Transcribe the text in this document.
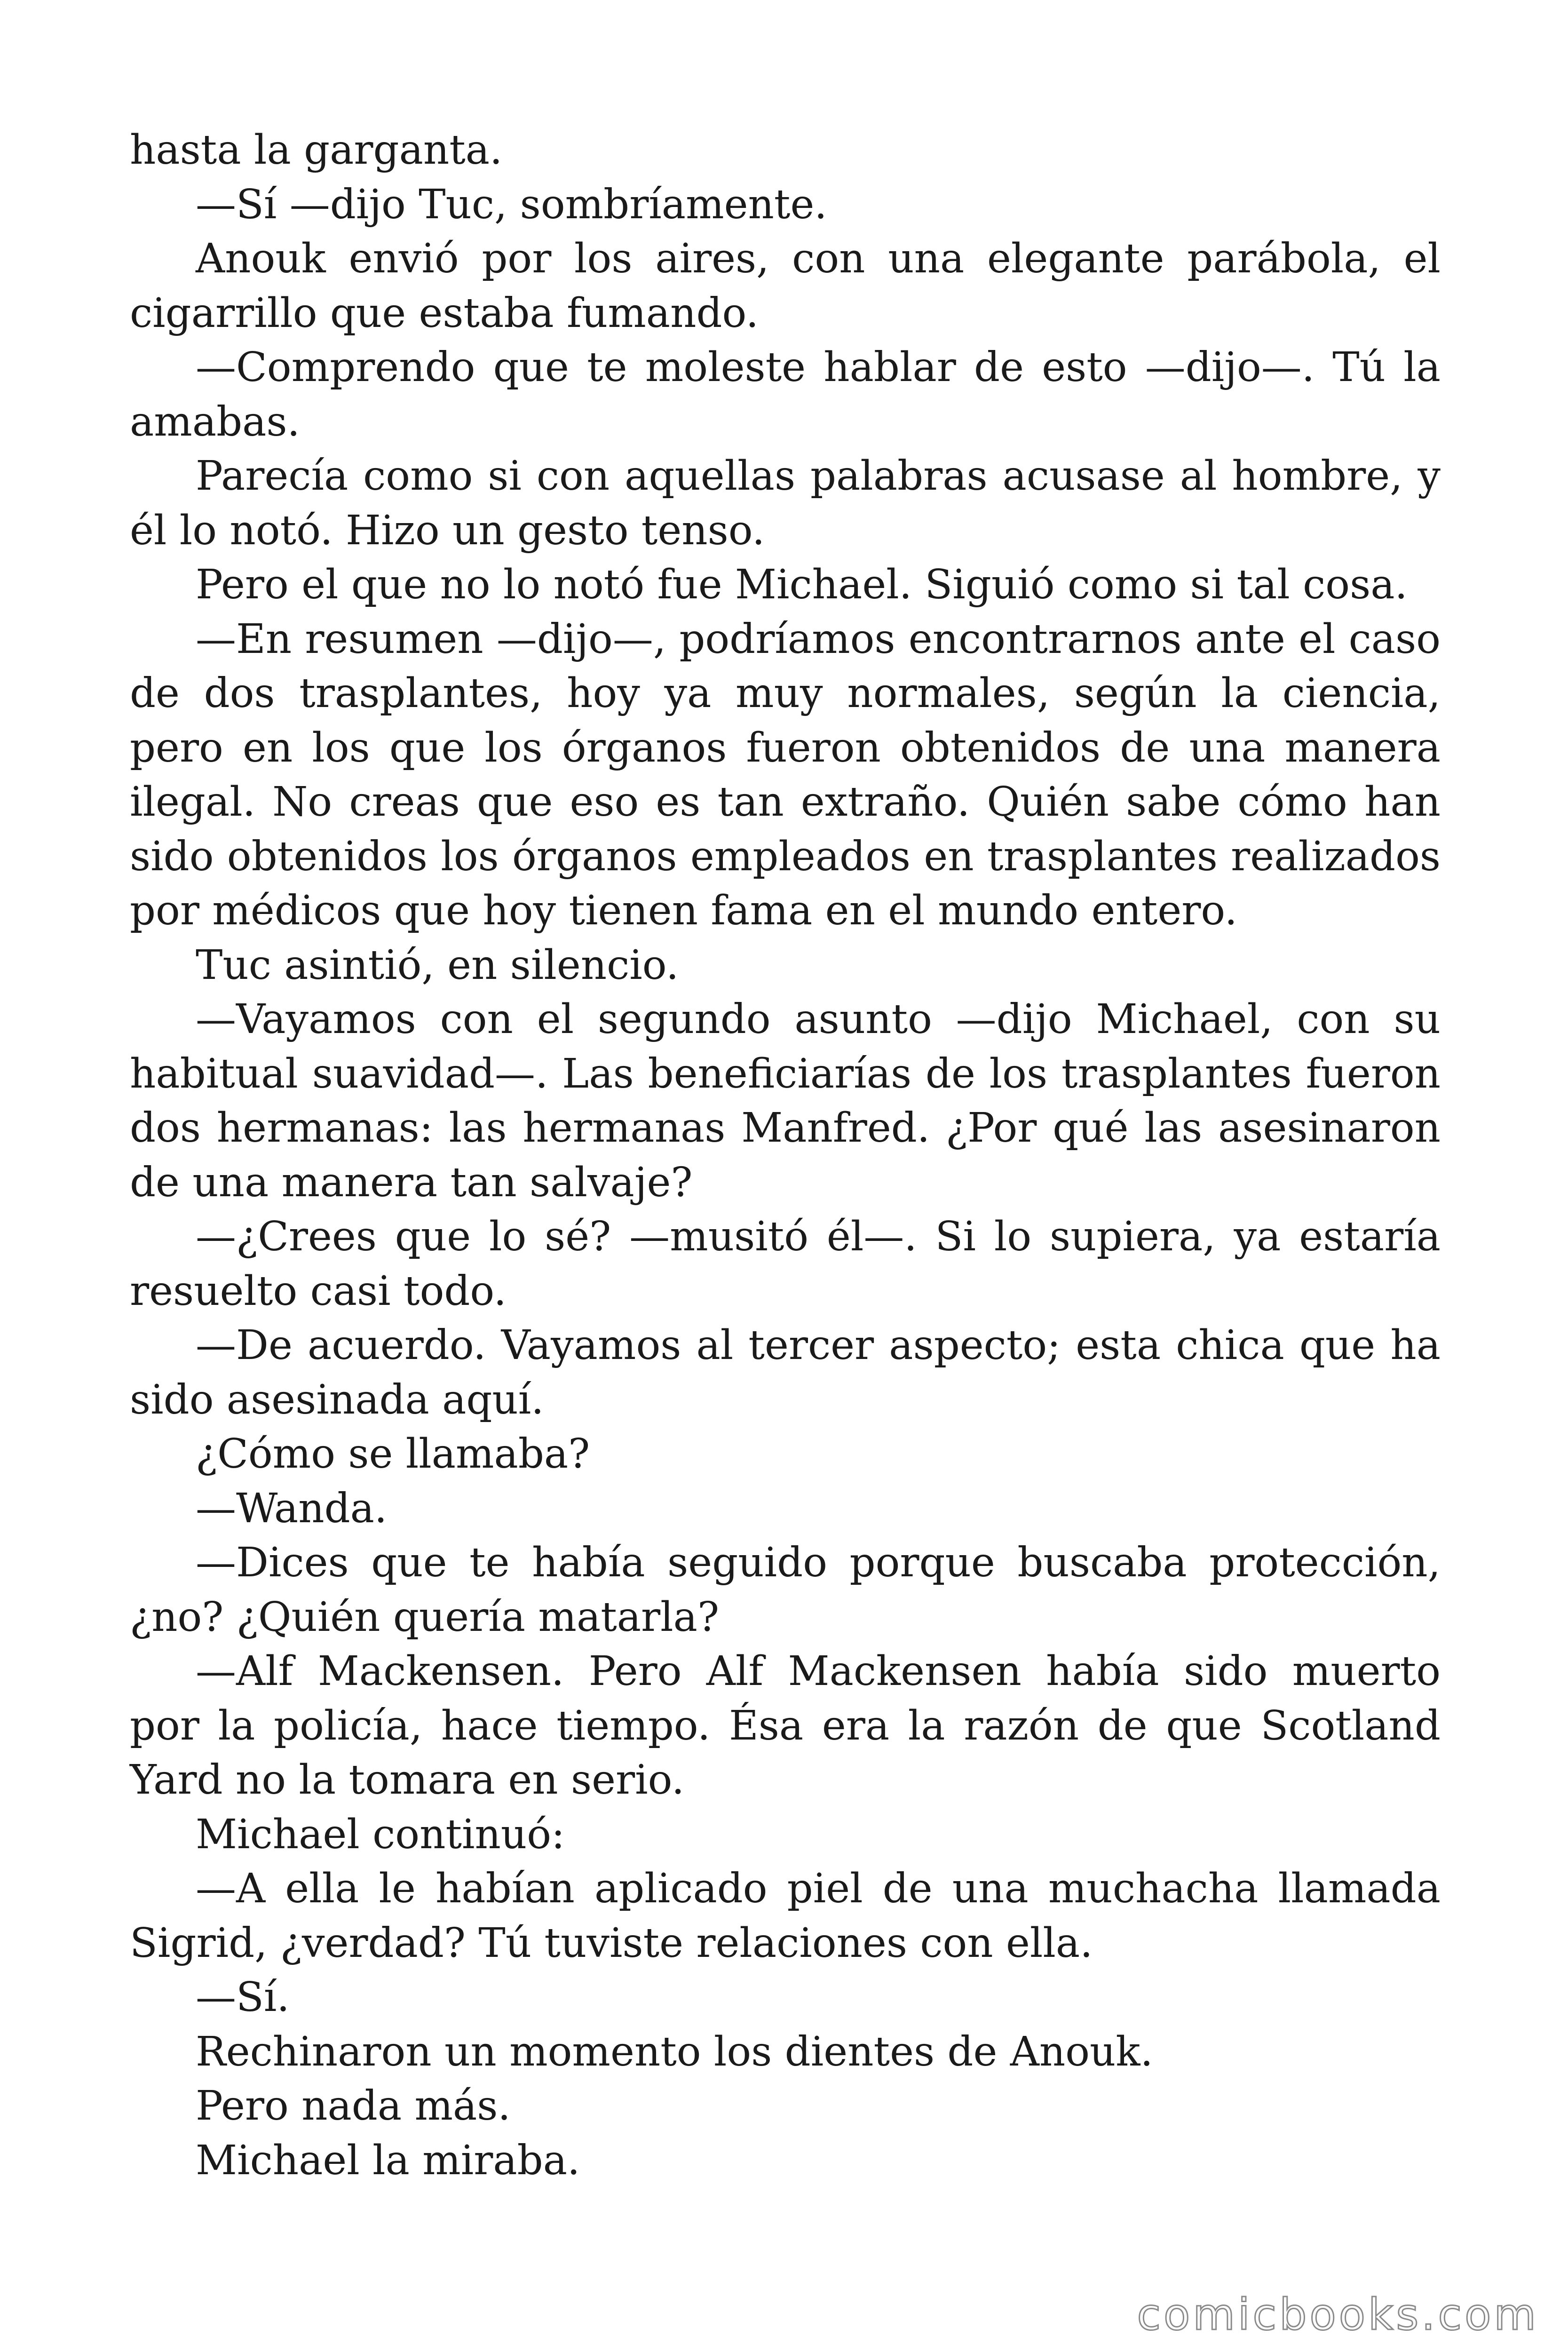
hasta la garganta.

—Sí —dijo Tuc, sombríamente.

Anouk envió por los aires, con una elegante parábola, el cigarrillo que estaba fumando.

—Comprendo que te moleste hablar de esto —dijo—. Tú la amabas.

Parecía como si con aquellas palabras acusase al hombre, y él lo notó. Hizo un gesto tenso.

Pero el que no lo notó fue Michael. Siguió como si tal cosa.

—En resumen —dijo—, podríamos encontrarnos ante el caso de dos trasplantes, hoy ya muy normales, según la ciencia, pero en los que los órganos fueron obtenidos de una manera ilegal. No creas que eso es tan extraño. Quién sabe cómo han sido obtenidos los órganos empleados en trasplantes realizados por médicos que hoy tienen fama en el mundo entero.

Tuc asintió, en silencio.

—Vayamos con el segundo asunto —dijo Michael, con su habitual suavidad—. Las beneficiarías de los trasplantes fueron dos hermanas: las hermanas Manfred. ¿Por qué las asesinaron de una manera tan salvaje?

—¿Crees que lo sé? —musitó él—. Si lo supiera, ya estaría resuelto casi todo.

—De acuerdo. Vayamos al tercer aspecto; esta chica que ha sido asesinada aquí.

¿Cómo se llamaba?

—Wanda.

—Dices que te había seguido porque buscaba protección, ¿no? ¿Quién quería matarla?

—Alf Mackensen. Pero Alf Mackensen había sido muerto por la policía, hace tiempo. Ésa era la razón de que Scotland Yard no la tomara en serio.

Michael continuó:

—A ella le habían aplicado piel de una muchacha llamada Sigrid, ¿verdad? Tú tuviste relaciones con ella.

—Sí.

Rechinaron un momento los dientes de Anouk.

Pero nada más.

Michael la miraba.

comicbooks.com
